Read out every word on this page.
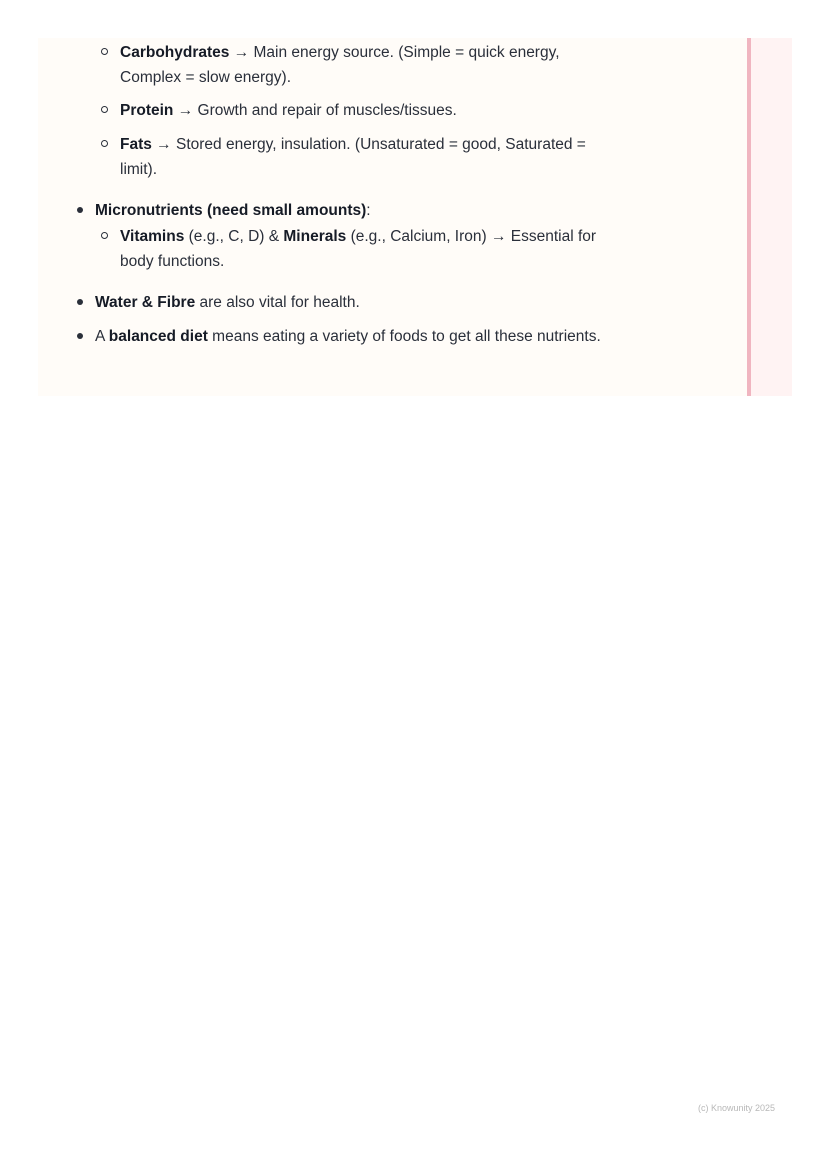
Carbohydrates → Main energy source. (Simple = quick energy,
Complex = slow energy).
Protein → Growth and repair of muscles/tissues.
Fats → Stored energy, insulation. (Unsaturated = good, Saturated =
limit).
Micronutrients (need small amounts):
Vitamins (e.g., C, D) & Minerals (e.g., Calcium, Iron) → Essential for
body functions.
Water & Fibre are also vital for health.
A balanced diet means eating a variety of foods to get all these nutrients.
(c) Knowunity 2025
